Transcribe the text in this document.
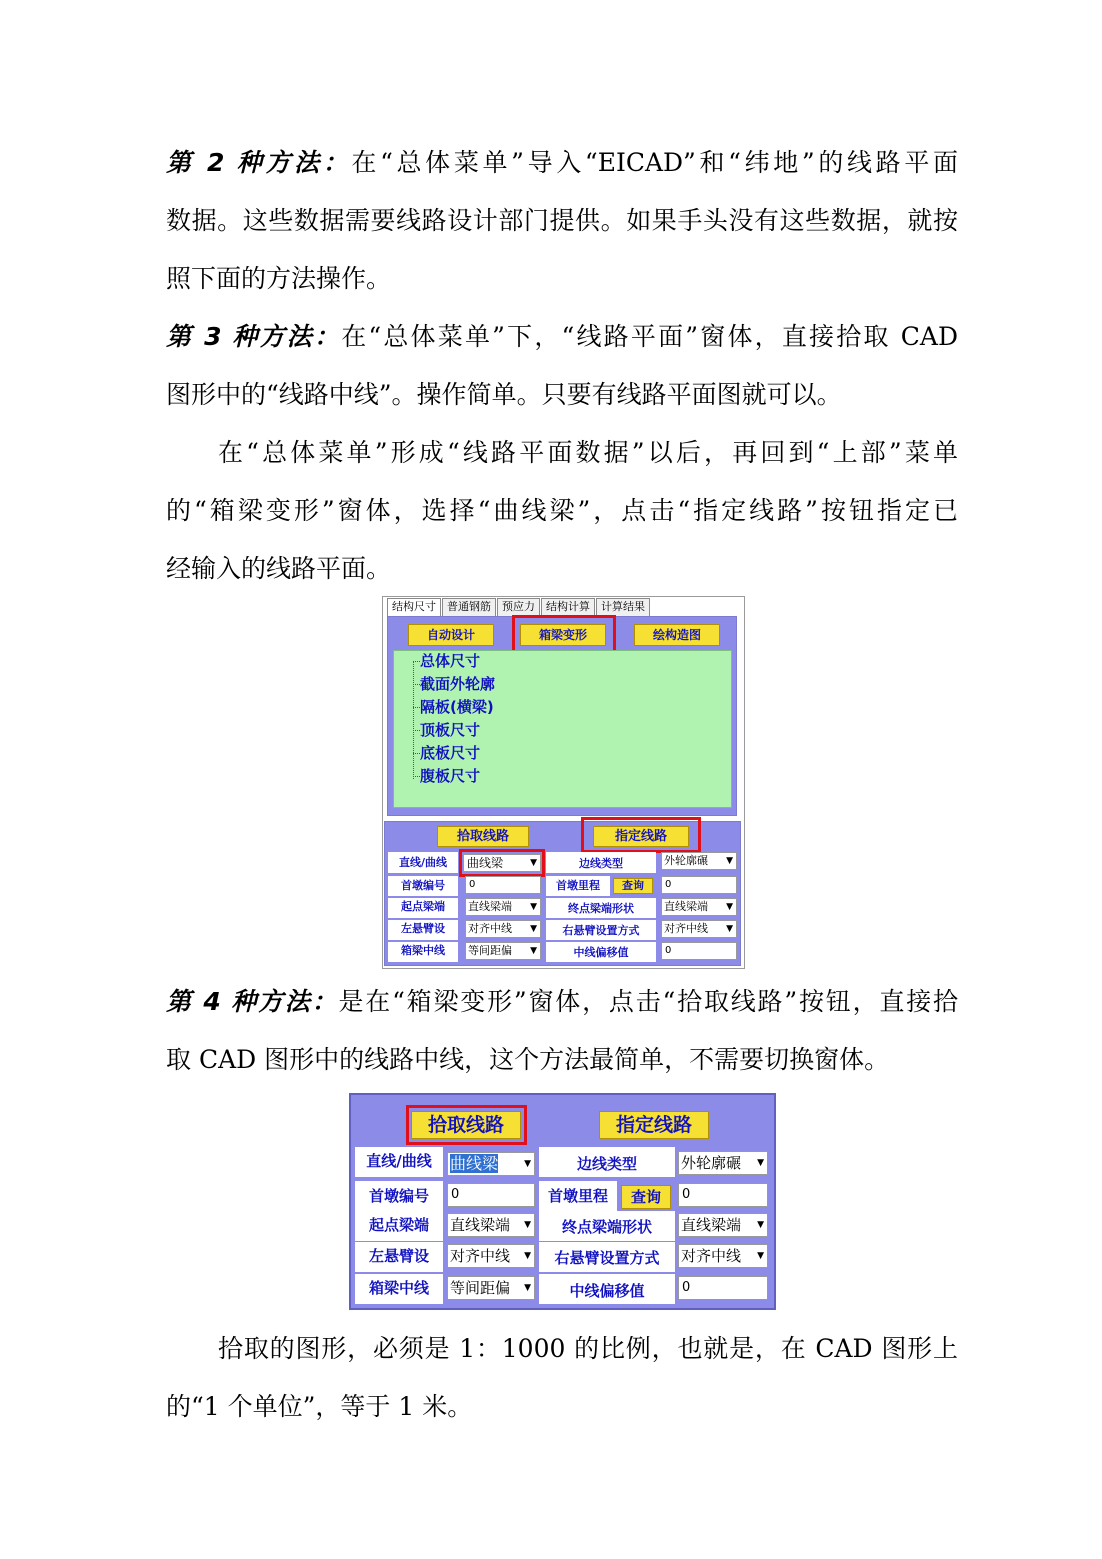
第 2 种方法：在“总体菜单”导入“EICAD”和“纬地”的线路平面

数据。这些数据需要线路设计部门提供。如果手头没有这些数据，就按

照下面的方法操作。

第 3 种方法：在“总体菜单”下，“线路平面”窗体，直接拾取 CAD

图形中的“线路中线”。操作简单。只要有线路平面图就可以。

在“总体菜单”形成“线路平面数据”以后，再回到“上部”菜单

的“箱梁变形”窗体，选择“曲线梁”，点击“指定线路”按钮指定已

经输入的线路平面。

结构尺寸	普通钢筋	预应力	结构计算	计算结果
自动设计	箱梁变形	绘构造图
总体尺寸
截面外轮廓
隔板(横梁)
顶板尺寸
底板尺寸
腹板尺寸
拾取线路	指定线路
直线/曲线	曲线梁	▼	边线类型	外轮廓碾 ▼
首墩编号	0	首墩里程	查询	0
起点梁端	直线梁端 ▼	终点梁端形状	直线梁端 ▼
左悬臂设	对齐中线 ▼	右悬臂设置方式	对齐中线 ▼
箱梁中线	等间距偏 ▼	中线偏移值	0

第 4 种方法：是在“箱梁变形”窗体，点击“拾取线路”按钮，直接拾

取 CAD 图形中的线路中线，这个方法最简单，不需要切换窗体。

拾取线路	指定线路
直线/曲线	曲线梁	▼	边线类型	外轮廓碾 ▼
首墩编号	0	首墩里程	查询	0
起点梁端	直线梁端 ▼	终点梁端形状	直线梁端 ▼
左悬臂设	对齐中线 ▼	右悬臂设置方式	对齐中线 ▼
箱梁中线	等间距偏 ▼	中线偏移值	0

拾取的图形，必须是 1：1000 的比例，也就是，在 CAD 图形上

的“1 个单位”，等于 1 米。
